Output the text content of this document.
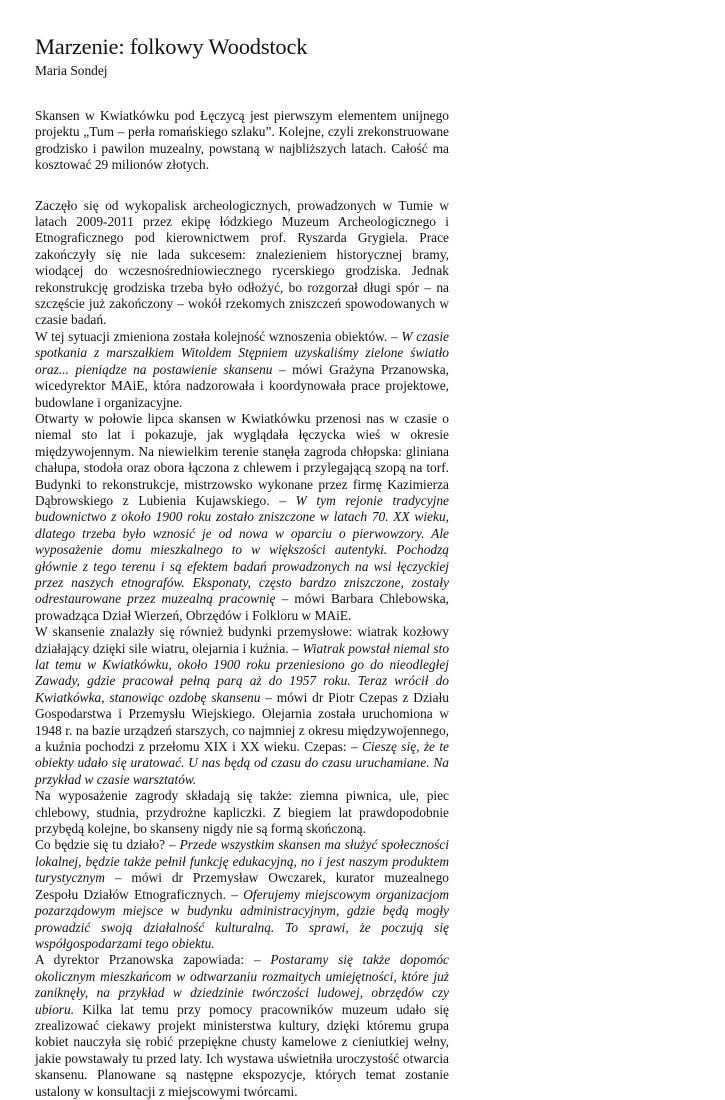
Marzenie: folkowy Woodstock
Maria Sondej

Skansen w Kwiatkówku pod Łęczycą jest pierwszym elementem unijnego projektu „Tum – perła romańskiego szlaku”. Kolejne, czyli zrekonstruowane grodzisko i pawilon muzealny, powstaną w najbliższych latach. Całość ma kosztować 29 milionów złotych.

Zaczęło się od wykopalisk archeologicznych, prowadzonych w Tumie w latach 2009-2011 przez ekipę łódzkiego Muzeum Archeologicznego i Etnograficznego pod kierownictwem prof. Ryszarda Grygiela. Prace zakończyły się nie lada sukcesem: znalezieniem historycznej bramy, wiodącej do wczesnośredniowiecznego rycerskiego grodziska. Jednak rekonstrukcję grodziska trzeba było odłożyć, bo rozgorzał długi spór – na szczęście już zakończony – wokół rzekomych zniszczeń spowodowanych w czasie badań.

W tej sytuacji zmieniona została kolejność wznoszenia obiektów. – W czasie spotkania z marszałkiem Witoldem Stępniem uzyskaliśmy zielone światło oraz... pieniądze na postawienie skansenu – mówi Grażyna Przanowska, wicedyrektor MAiE, która nadzorowała i koordynowała prace projektowe, budowlane i organizacyjne.

Otwarty w połowie lipca skansen w Kwiatkówku przenosi nas w czasie o niemal sto lat i pokazuje, jak wyglądała łęczycka wieś w okresie międzywojennym. Na niewielkim terenie stanęła zagroda chłopska: gliniana chałupa, stodoła oraz obora łączona z chlewem i przylegającą szopą na torf. Budynki to rekonstrukcje, mistrzowsko wykonane przez firmę Kazimierza Dąbrowskiego z Lubienia Kujawskiego. – W tym rejonie tradycyjne budownictwo z około 1900 roku zostało zniszczone w latach 70. XX wieku, dlatego trzeba było wznosić je od nowa w oparciu o pierwowzory. Ale wyposażenie domu mieszkalnego to w większości autentyki. Pochodzą głównie z tego terenu i są efektem badań prowadzonych na wsi łęczyckiej przez naszych etnografów. Eksponaty, często bardzo zniszczone, zostały odrestaurowane przez muzealną pracownię – mówi Barbara Chlebowska, prowadząca Dział Wierzeń, Obrzędów i Folkloru w MAiE.

W skansenie znalazły się również budynki przemysłowe: wiatrak kozłowy działający dzięki sile wiatru, olejarnia i kuźnia. – Wiatrak powstał niemal sto lat temu w Kwiatkówku, około 1900 roku przeniesiono go do nieodległej Zawady, gdzie pracował pełną parą aż do 1957 roku. Teraz wrócił do Kwiatkówka, stanowiąc ozdobę skansenu – mówi dr Piotr Czepas z Działu Gospodarstwa i Przemysłu Wiejskiego. Olejarnia została uruchomiona w 1948 r. na bazie urządzeń starszych, co najmniej z okresu międzywojennego, a kuźnia pochodzi z przełomu XIX i XX wieku. Czepas: – Cieszę się, że te obiekty udało się uratować. U nas będą od czasu do czasu uruchamiane. Na przykład w czasie warsztatów.

Na wyposażenie zagrody składają się także: ziemna piwnica, ule, piec chlebowy, studnia, przydrożne kapliczki. Z biegiem lat prawdopodobnie przybędą kolejne, bo skanseny nigdy nie są formą skończoną.

Co będzie się tu działo? – Przede wszystkim skansen ma służyć społeczności lokalnej, będzie także pełnił funkcję edukacyjną, no i jest naszym produktem turystycznym – mówi dr Przemysław Owczarek, kurator muzealnego Zespołu Działów Etnograficznych. – Oferujemy miejscowym organizacjom pozarządowym miejsce w budynku administracyjnym, gdzie będą mogły prowadzić swoją działalność kulturalną. To sprawi, że poczują się współgospodarzami tego obiektu.

A dyrektor Przanowska zapowiada: – Postaramy się także dopomóc okolicznym mieszkańcom w odtwarzaniu rozmaitych umiejętności, które już zaniknęły, na przykład w dziedzinie twórczości ludowej, obrzędów czy ubioru. Kilka lat temu przy pomocy pracowników muzeum udało się zrealizować ciekawy projekt ministerstwa kultury, dzięki któremu grupa kobiet nauczyła się robić przepiękne chusty kamelowe z cieniutkiej wełny, jakie powstawały tu przed laty. Ich wystawa uświetniła uroczystość otwarcia skansenu. Planowane są następne ekspozycje, których temat zostanie ustalony w konsultacji z miejscowymi twórcami.
